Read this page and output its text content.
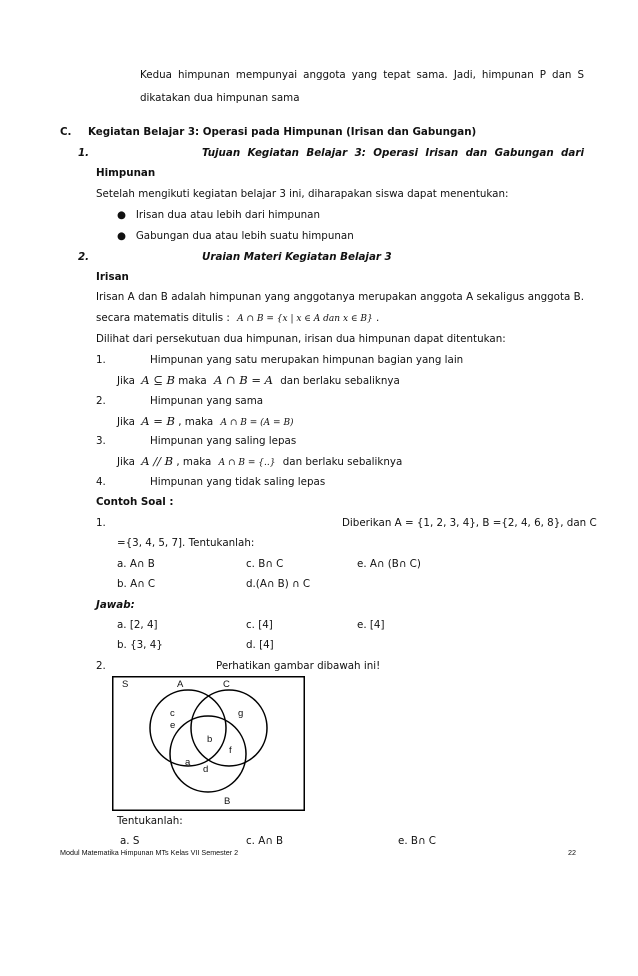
Kedua himpunan mempunyai anggota yang tepat sama. Jadi, himpunan P dan S
dikatakan dua himpunan sama
C. Kegiatan Belajar 3: Operasi pada Himpunan (Irisan dan Gabungan)
1.	Tujuan Kegiatan Belajar 3: Operasi Irisan dan Gabungan dari
Himpunan
Setelah mengikuti kegiatan belajar 3 ini, diharapakan siswa dapat menentukan:
● Irisan dua atau lebih dari himpunan
● Gabungan dua atau lebih suatu himpunan
2.	Uraian Materi Kegiatan Belajar 3
Irisan
Irisan A dan B adalah himpunan yang anggotanya merupakan anggota A sekaligus anggota B.
secara matematis ditulis : A ∩ B = {x | x ∈ A dan x ∈ B} .
Dilihat dari persekutuan dua himpunan, irisan dua himpunan dapat ditentukan:
1.	Himpunan yang satu merupakan himpunan bagian yang lain
Jika A ⊆ B maka A ∩ B = A dan berlaku sebaliknya
2.	Himpunan yang sama
Jika A = B , maka A ∩ B = (A = B)
3.	Himpunan yang saling lepas
Jika A // B , maka A ∩ B = {..} dan berlaku sebaliknya
4.	Himpunan yang tidak saling lepas
Contoh Soal :
1.	Diberikan A = {1, 2, 3, 4}, B ={2, 4, 6, 8}, dan C
={3, 4, 5, 7]. Tentukanlah:
a. A∩ B	c. B∩ C	e. A∩ (B∩ C)
b. A∩ C	d.(A∩ B) ∩ C
Jawab:
a. [2, 4]	c. [4]	e. [4]
b. {3, 4}	d. [4]
2.	Perhatikan gambar dibawah ini!
S	A	C
B
c
e
g
b
f
a
d
Tentukanlah:
a. S	c. A∩ B	e. B∩ C
Modul Matematika Himpunan MTs Kelas VII Semester 2	22
